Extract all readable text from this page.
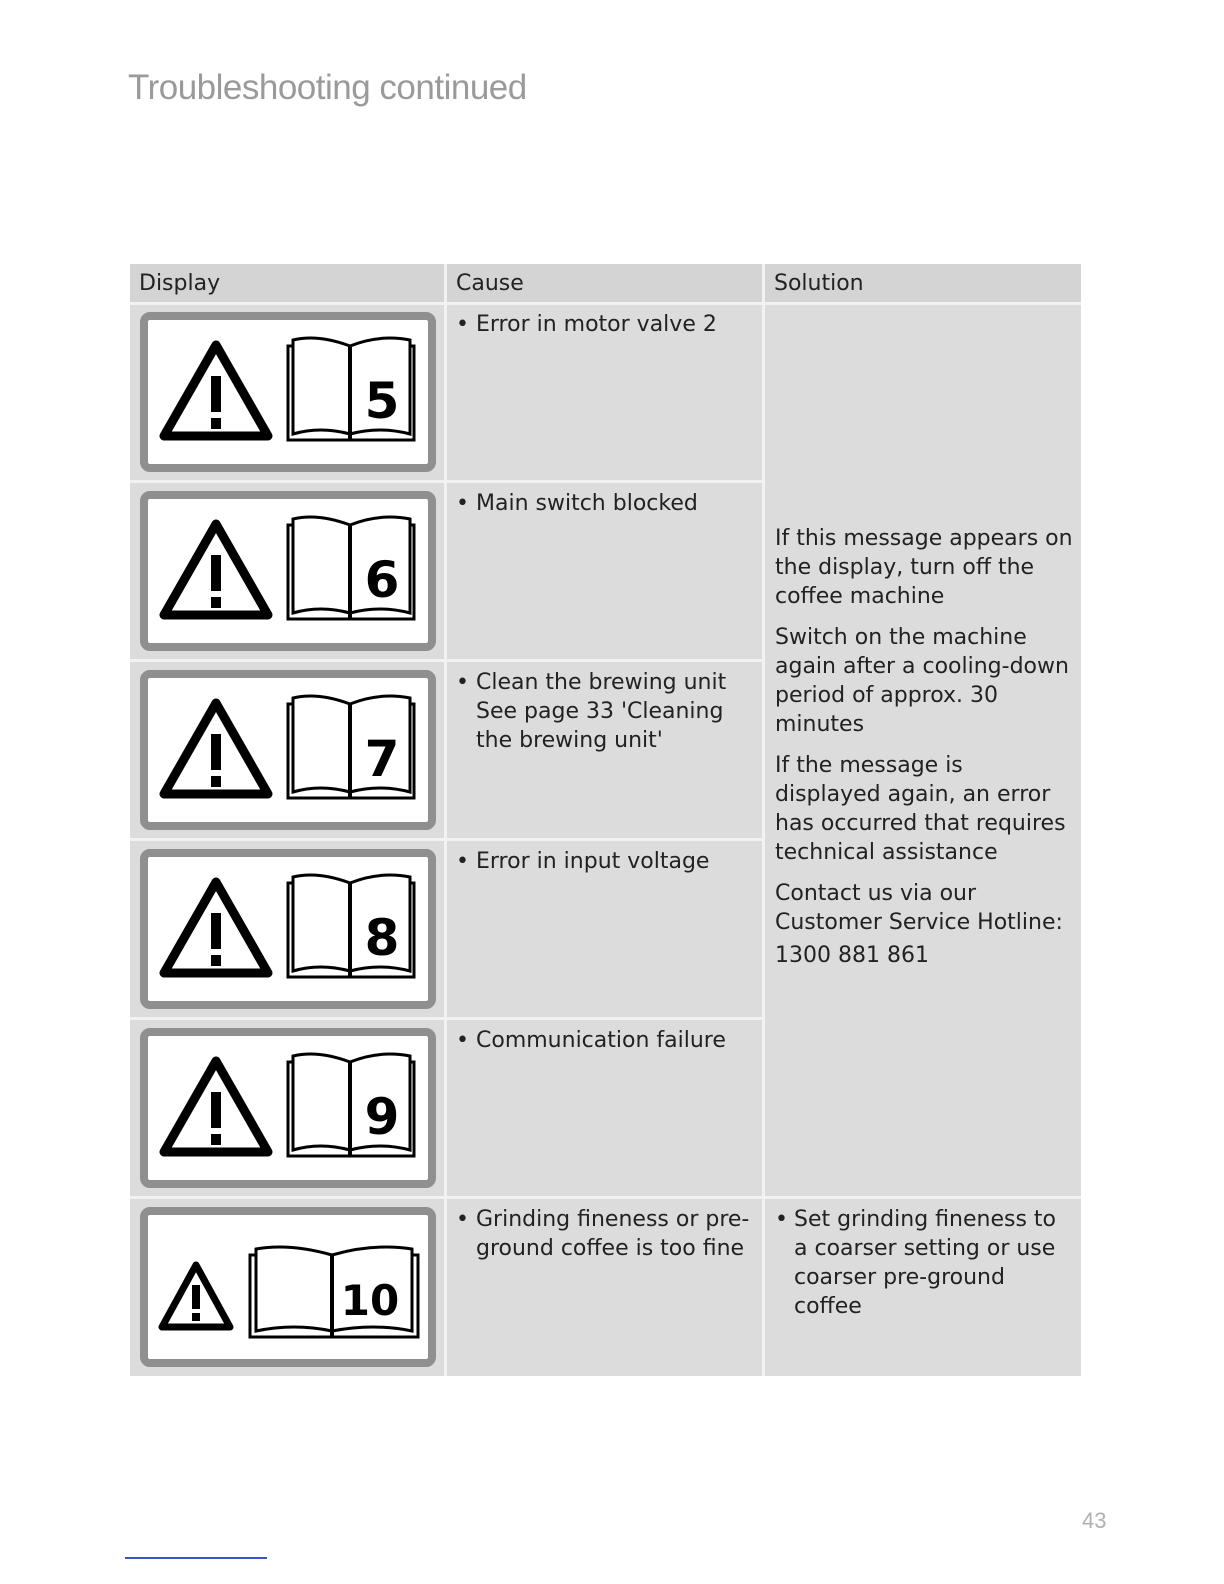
Troubleshooting continued
Display	Cause	Solution
5
6
7
8
9
10
• Error in motor valve 2
• Main switch blocked
• Clean the brewing unit See page 33 'Cleaning the brewing unit'
• Error in input voltage
• Communication failure
• Grinding fineness or pre-ground coffee is too fine

If this message appears on the display, turn off the coffee machine

Switch on the machine again after a cooling-down period of approx. 30 minutes

If the message is displayed again, an error has occurred that requires technical assistance

Contact us via our Customer Service Hotline:

1300 881 861

• Set grinding fineness to a coarser setting or use coarser pre-ground coffee
43
